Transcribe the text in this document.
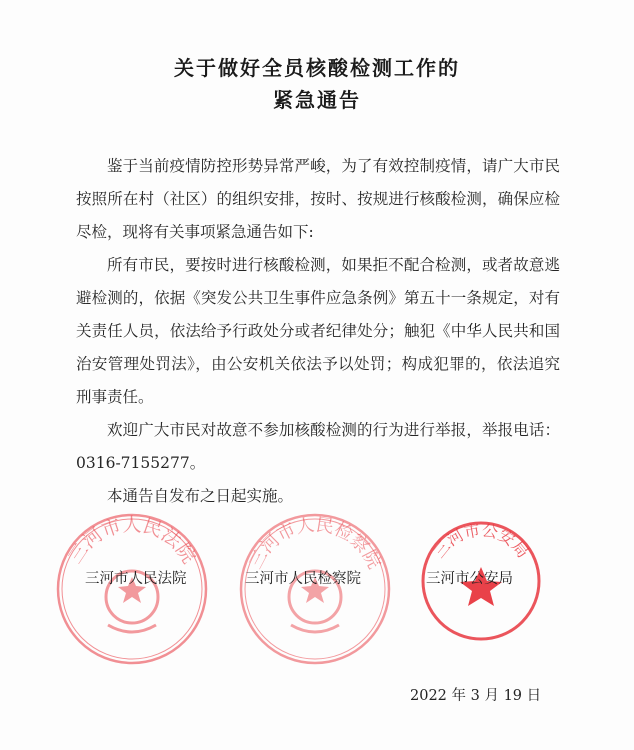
关于做好全员核酸检测工作的
紧急通告

鉴于当前疫情防控形势异常严峻，为了有效控制疫情，请广大市民按照所在村（社区）的组织安排，按时、按规进行核酸检测，确保应检尽检，现将有关事项紧急通告如下:

所有市民，要按时进行核酸检测，如果拒不配合检测，或者故意逃避检测的，依据《突发公共卫生事件应急条例》第五十一条规定，对有关责任人员，依法给予行政处分或者纪律处分；触犯《中华人民共和国治安管理处罚法》，由公安机关依法予以处罚；构成犯罪的，依法追究刑事责任。

欢迎广大市民对故意不参加核酸检测的行为进行举报，举报电话：0316-7155277。

本通告自发布之日起实施。

三河市人民法院
三河市人民法院
三河市人民检察院
三河市人民检察院
三河市公安局
三河市公安局
2022 年 3 月 19 日
